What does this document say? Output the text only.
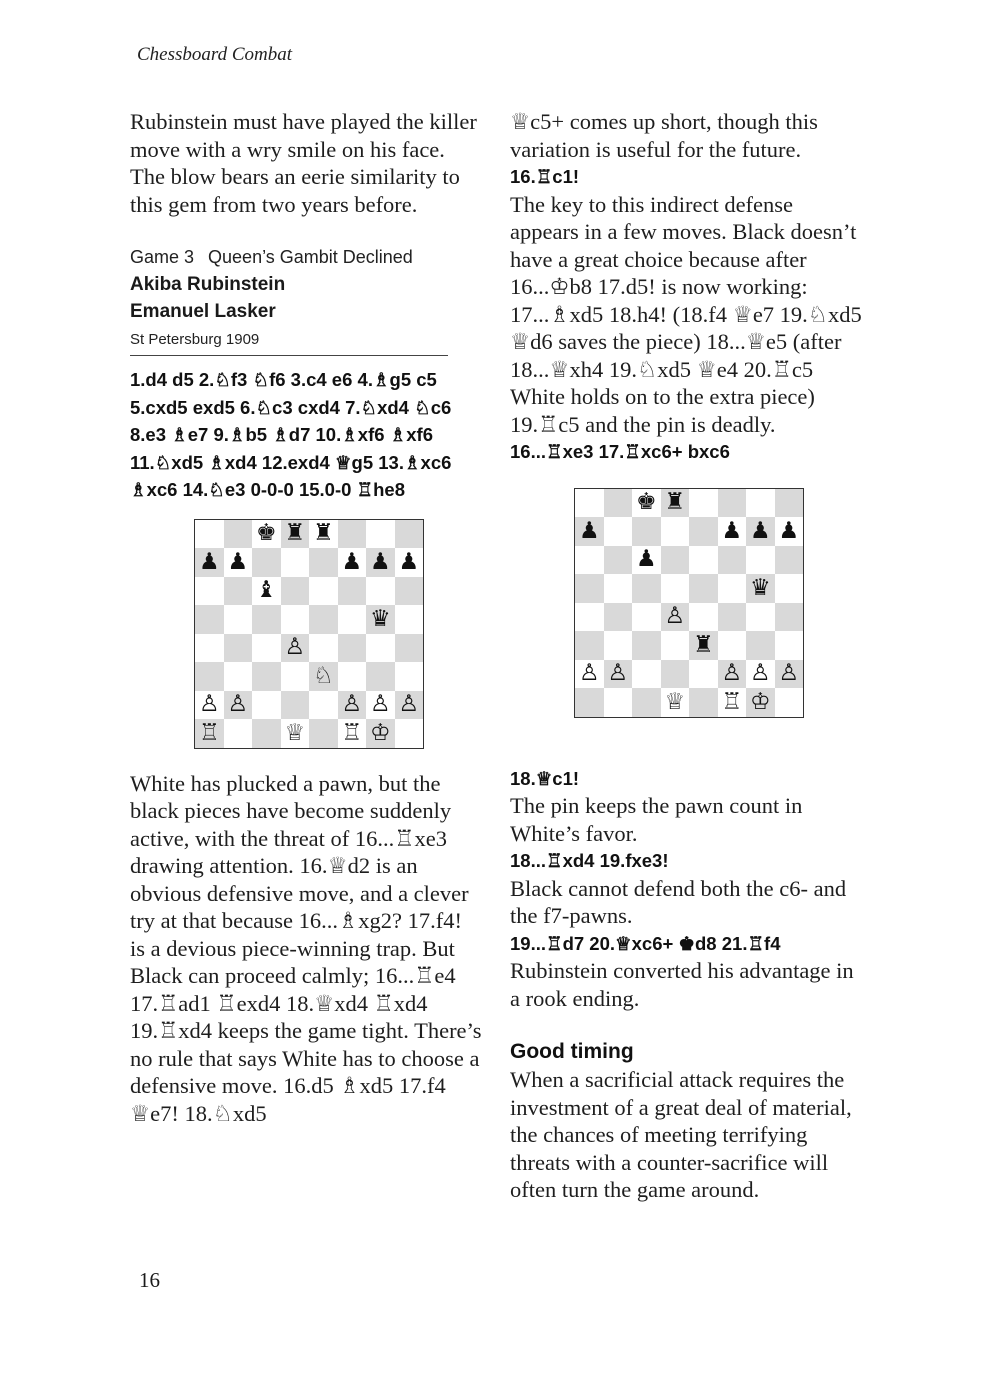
Chessboard Combat

Rubinstein must have played the killer move with a wry smile on his face. The blow bears an eerie similarity to this gem from two years before.

Game 3 Queen’s Gambit Declined
Akiba Rubinstein
Emanuel Lasker
St Petersburg 1909

1.d4 d5 2.♘f3 ♘f6 3.c4 e6 4.♗g5 c5 5.cxd5 exd5 6.♘c3 cxd4 7.♘xd4 ♘c6 8.e3 ♗e7 9.♗b5 ♗d7 10.♗xf6 ♗xf6 11.♘xd5 ♗xd4 12.exd4 ♕g5 13.♗xc6 ♗xc6 14.♘e3 0-0-0 15.0-0 ♖he8

♚ ♜ ♜
♟ ♟	♟ ♟ ♟
♝
♛
♙
♘
♙ ♙	♙ ♙ ♙
♖	♕ ♖ ♔

White has plucked a pawn, but the black pieces have become suddenly active, with the threat of 16...♖xe3 drawing attention. 16.♕d2 is an obvious defensive move, and a clever try at that because 16...♗xg2? 17.f4! is a devious piece-winning trap. But Black can proceed calmly; 16...♖e4 17.♖ad1 ♖exd4 18.♕xd4 ♖xd4 19.♖xd4 keeps the game tight. There’s no rule that says White has to choose a defensive move. 16.d5 ♗xd5 17.f4 ♕e7! 18.♘xd5

♕c5+ comes up short, though this variation is useful for the future.

16.♖c1!

The key to this indirect defense appears in a few moves. Black doesn’t have a great choice because after 16...♔b8 17.d5! is now working: 17...♗xd5 18.h4! (18.f4 ♕e7 19.♘xd5 ♕d6 saves the piece) 18...♕e5 (after 18...♕xh4 19.♘xd5 ♕e4 20.♖c5 White holds on to the extra piece) 19.♖c5 and the pin is deadly.

16...♖xe3 17.♖xc6+ bxc6

♚ ♜
♟	♟ ♟ ♟
♟
♛
♙
♜
♙ ♙	♙ ♙ ♙
♕ ♖ ♔

18.♕c1!

The pin keeps the pawn count in White’s favor.

18...♖xd4 19.fxe3!

Black cannot defend both the c6- and the f7-pawns.

19...♖d7 20.♕xc6+ ♚d8 21.♖f4

Rubinstein converted his advantage in a rook ending.

Good timing

When a sacrificial attack requires the investment of a great deal of material, the chances of meeting terrifying threats with a counter-sacrifice will often turn the game around.

16
